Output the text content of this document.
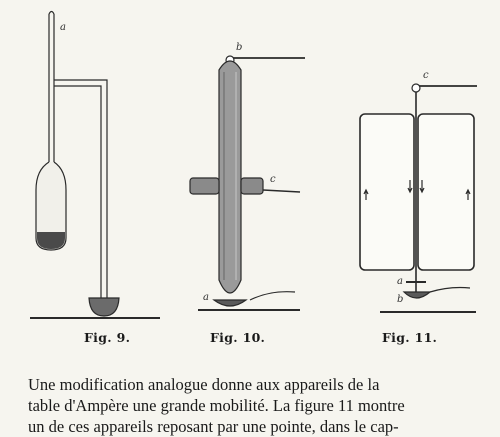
a
b
c
a
c
a
b
Fig. 9.	Fig. 10.	Fig. 11.
Une modification analogue donne aux appareils de la
table d'Ampère une grande mobilité. La figure 11 montre
un de ces appareils reposant par une pointe, dans le cap-
